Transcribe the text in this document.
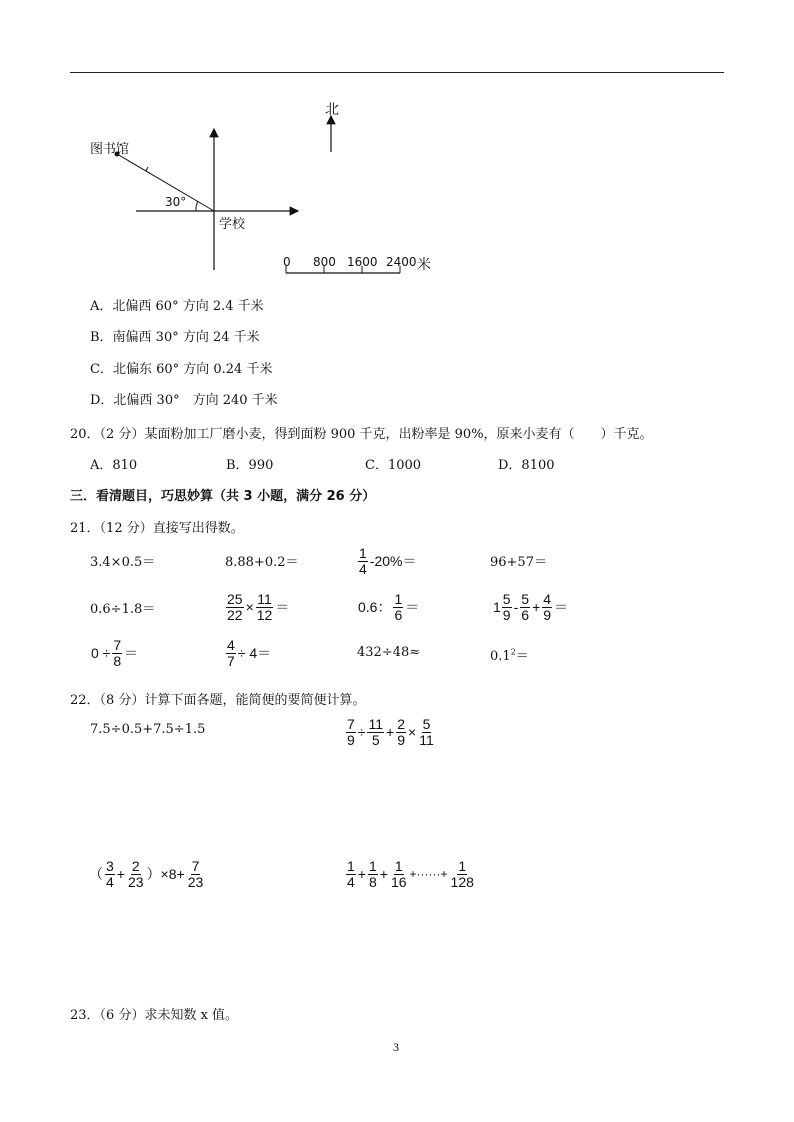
图书馆
30°
学校
北
0 800 1600 2400 米
A．北偏西 60° 方向 2.4 千米
B．南偏西 30° 方向 24 千米
C．北偏东 60° 方向 0.24 千米
D．北偏西 30°　方向 240 千米
20．（2 分）某面粉加工厂磨小麦，得到面粉 900 千克，出粉率是 90%，原来小麦有（　　）千克。
A．810	B．990	C．1000	D．8100
三．看清题目，巧思妙算（共 3 小题，满分 26 分）
21．（12 分）直接写出得数。
3.4×0.5＝	8.88+0.2＝	$\frac{1}{4} -20\%=$	96+57＝
0.6÷1.8＝	$\frac{25}{22} \times \frac{11}{12}$ ＝	0.6： $\frac{1}{6}$ ＝	$1 \frac{5}{9} - \frac{5}{6} + \frac{4}{9}$ ＝
$0 \div \frac{7}{8}$ ＝	$\frac{4}{7} \div 4=$	432÷48≈	$0.1^2=$
22．（8 分）计算下面各题，能简便的要简便计算。
7.5÷0.5+7.5÷1.5	$\frac{7}{9} \div \frac{11}{5} + \frac{2}{9} \times \frac{5}{11}$
（ $\frac{3}{4} + \frac{2}{23} )\times 8+ \frac{7}{23}$	$\frac{1}{4} + \frac{1}{8} + \frac{1}{16}$ +······+ $\frac{1}{128}$
23．（6 分）求未知数 x 值。
3
